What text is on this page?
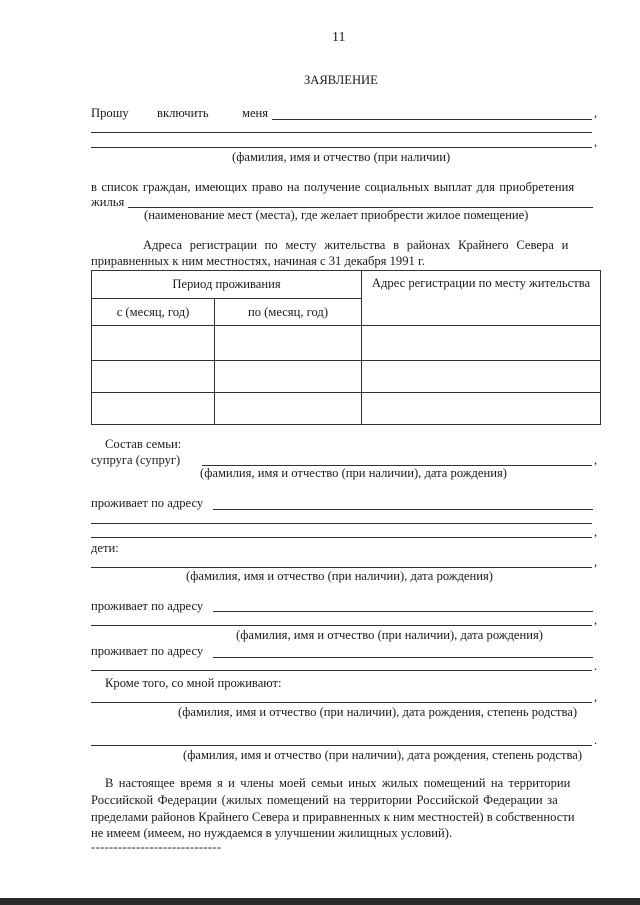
11
ЗАЯВЛЕНИЕ
Прошу включить	меня	,
,
(фамилия, имя и отчество (при наличии)
в список граждан, имеющих право на получение социальных выплат для приобретения
жилья
(наименование мест (места), где желает приобрести жилое помещение)
Адреса регистрации по месту жительства в районах Крайнего Севера и
приравненных к ним местностях, начиная с 31 декабря 1991 г.
Период проживания		Адрес регистрации по месту жительства
с (месяц, год)	по (месяц, год)	

Состав семьи:
супруга (супруг)	,
(фамилия, имя и отчество (при наличии), дата рождения)
проживает по адресу
,
дети:
,
(фамилия, имя и отчество (при наличии), дата рождения)
проживает по адресу
,
(фамилия, имя и отчество (при наличии), дата рождения)
проживает по адресу
.
Кроме того, со мной проживают:
,
(фамилия, имя и отчество (при наличии), дата рождения, степень родства)
.
(фамилия, имя и отчество (при наличии), дата рождения, степень родства)
В настоящее время я и члены моей семьи иных жилых помещений на территории
Российской Федерации (жилых помещений на территории Российской Федерации за
пределами районов Крайнего Севера и приравненных к ним местностей) в собственности
не имеем (имеем, но нуждаемся в улучшении жилищных условий).
-----------------------------
